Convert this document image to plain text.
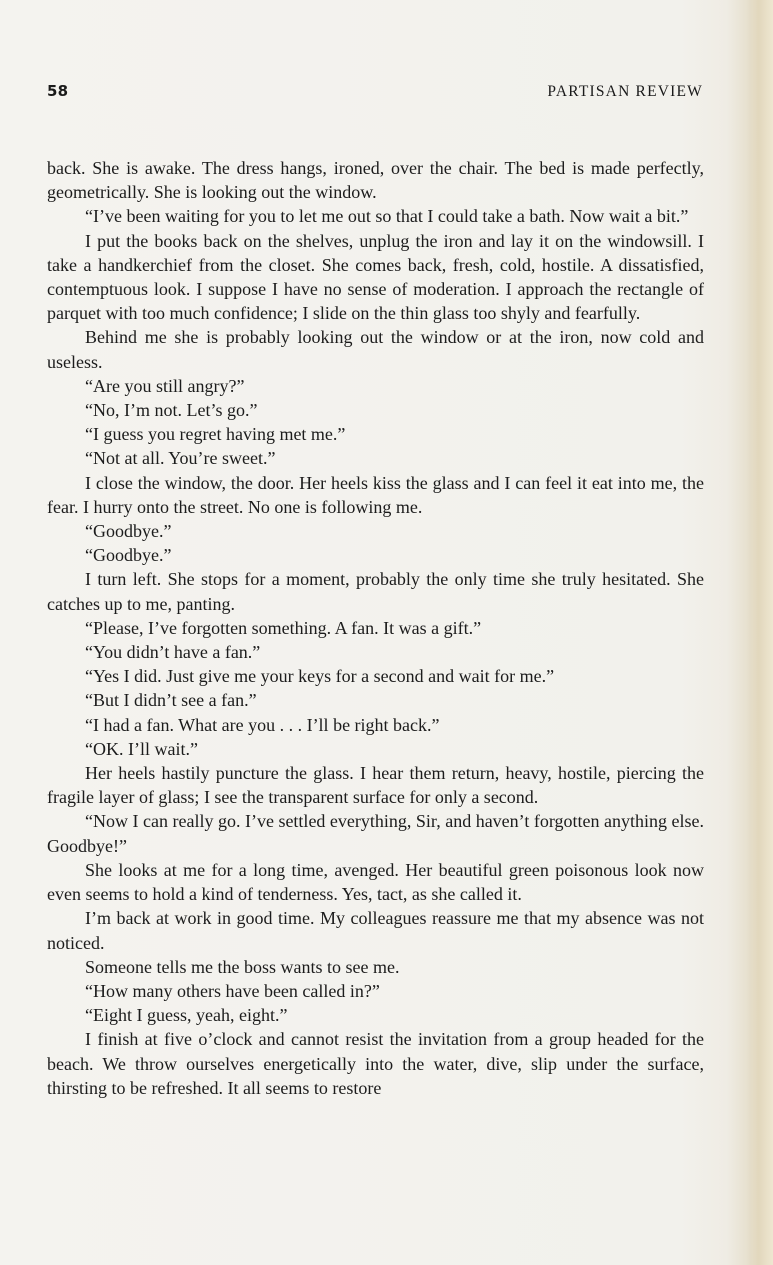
58	PARTISAN REVIEW

back. She is awake. The dress hangs, ironed, over the chair. The bed is made perfectly, geometrically. She is looking out the window.

“I’ve been waiting for you to let me out so that I could take a bath. Now wait a bit.”

I put the books back on the shelves, unplug the iron and lay it on the windowsill. I take a handkerchief from the closet. She comes back, fresh, cold, hostile. A dissatisfied, contemptuous look. I suppose I have no sense of moderation. I approach the rectangle of parquet with too much confidence; I slide on the thin glass too shyly and fearfully.

Behind me she is probably looking out the window or at the iron, now cold and useless.

“Are you still angry?”

“No, I’m not. Let’s go.”

“I guess you regret having met me.”

“Not at all. You’re sweet.”

I close the window, the door. Her heels kiss the glass and I can feel it eat into me, the fear. I hurry onto the street. No one is following me.

“Goodbye.”

“Goodbye.”

I turn left. She stops for a moment, probably the only time she truly hesitated. She catches up to me, panting.

“Please, I’ve forgotten something. A fan. It was a gift.”

“You didn’t have a fan.”

“Yes I did. Just give me your keys for a second and wait for me.”

“But I didn’t see a fan.”

“I had a fan. What are you . . . I’ll be right back.”

“OK. I’ll wait.”

Her heels hastily puncture the glass. I hear them return, heavy, hostile, piercing the fragile layer of glass; I see the transparent surface for only a second.

“Now I can really go. I’ve settled everything, Sir, and haven’t forgotten anything else. Goodbye!”

She looks at me for a long time, avenged. Her beautiful green poisonous look now even seems to hold a kind of tenderness. Yes, tact, as she called it.

I’m back at work in good time. My colleagues reassure me that my absence was not noticed.

Someone tells me the boss wants to see me.

“How many others have been called in?”

“Eight I guess, yeah, eight.”

I finish at five o’clock and cannot resist the invitation from a group headed for the beach. We throw ourselves energetically into the water, dive, slip under the surface, thirsting to be refreshed. It all seems to restore
